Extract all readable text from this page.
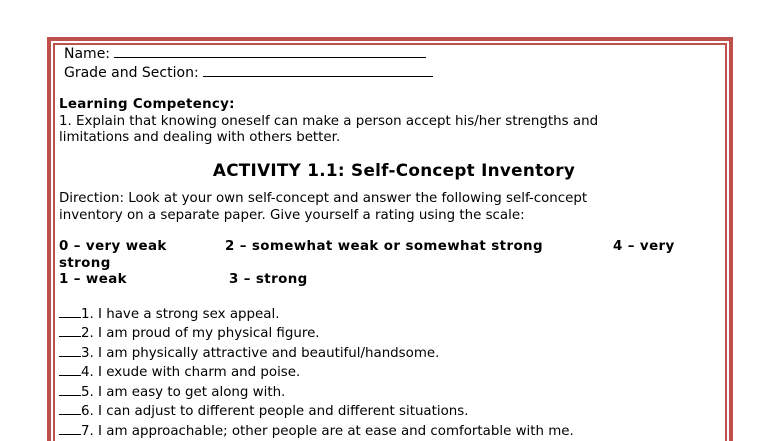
Name:
Grade and Section:
Learning Competency:
1. Explain that knowing oneself can make a person accept his/her strengths and
limitations and dealing with others better.
ACTIVITY 1.1: Self-Concept Inventory
Direction: Look at your own self-concept and answer the following self-concept
inventory on a separate paper. Give yourself a rating using the scale:
0 – very weak	2 – somewhat weak or somewhat strong	4 – very
strong
1 – weak	3 – strong
1. I have a strong sex appeal.
2. I am proud of my physical figure.
3. I am physically attractive and beautiful/handsome.
4. I exude with charm and poise.
5. I am easy to get along with.
6. I can adjust to different people and different situations.
7. I am approachable; other people are at ease and comfortable with me.
